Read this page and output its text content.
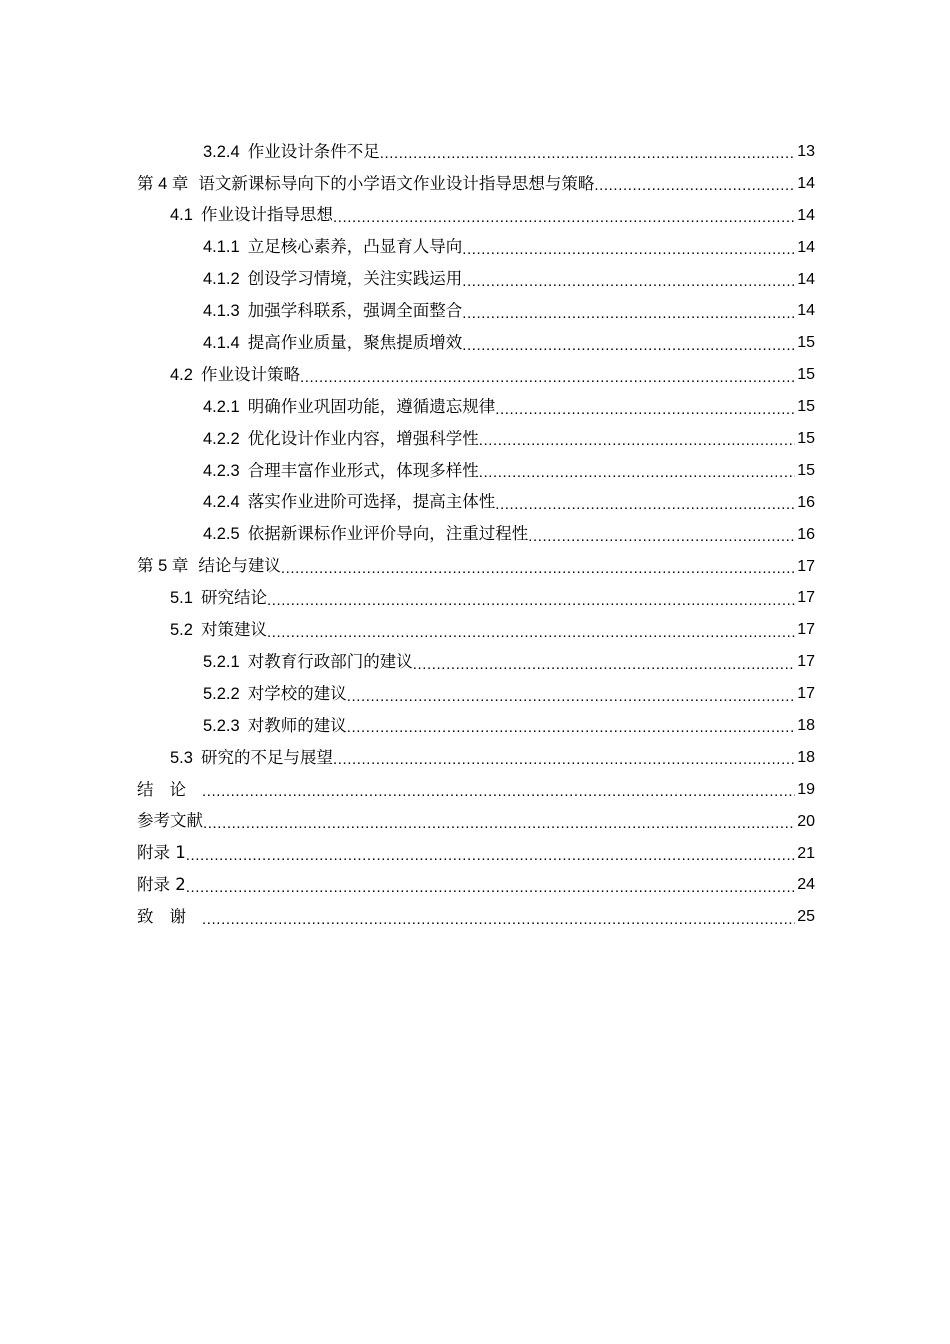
3.2.4 作业设计条件不足 .....	13
第 4 章 语文新课标导向下的小学语文作业设计指导思想与策略 .....	14
4.1 作业设计指导思想 .....	14
4.1.1 立足核心素养，凸显育人导向 .....	14
4.1.2 创设学习情境，关注实践运用 .....	14
4.1.3 加强学科联系，强调全面整合 .....	14
4.1.4 提高作业质量，聚焦提质增效 .....	15
4.2 作业设计策略 .....	15
4.2.1 明确作业巩固功能，遵循遗忘规律 .....	15
4.2.2 优化设计作业内容，增强科学性 .....	15
4.2.3 合理丰富作业形式，体现多样性 .....	15
4.2.4 落实作业进阶可选择，提高主体性 .....	16
4.2.5 依据新课标作业评价导向，注重过程性 .....	16
第 5 章 结论与建议 .....	17
5.1 研究结论 .....	17
5.2 对策建议 .....	17
5.2.1 对教育行政部门的建议 .....	17
5.2.2 对学校的建议 .....	17
5.2.3 对教师的建议 .....	18
5.3 研究的不足与展望 .....	18
结论 .....	19
参考文献 .....	20
附录 1 .....	21
附录 2 .....	24
致谢 .....	25
